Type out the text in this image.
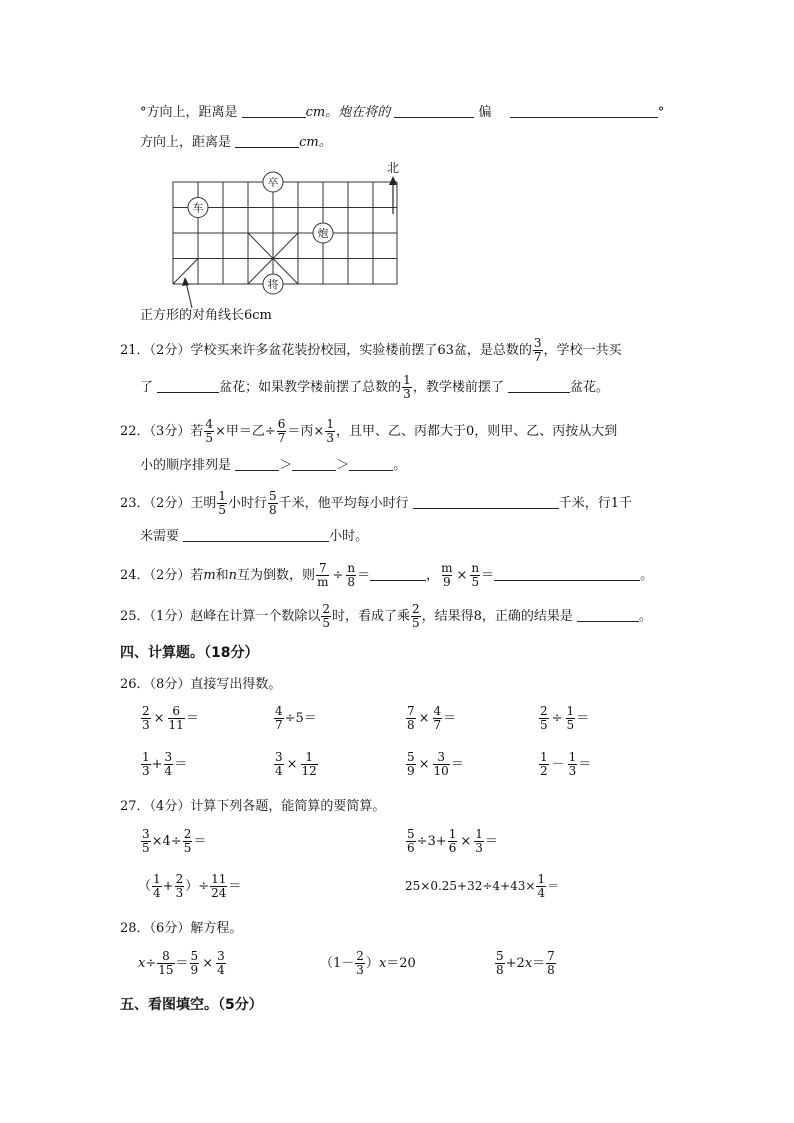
°方向上，距离是	cm。炮在将的	偏	°
方向上，距离是	cm。
卒
车
炮
将
北
正方形的对角线长6cm
21．（2分）学校买来许多盆花装扮校园，实验楼前摆了63盆，是总数的 $\frac{3}{7}$ ，学校一共买
了	盆花；如果教学楼前摆了总数的 $\frac{1}{3}$ ，教学楼前摆了	盆花。
22．（3分）若 $\frac{4}{5}$ ×甲＝乙÷ $\frac{6}{7}$ ＝丙× $\frac{1}{3}$ ，且甲、乙、丙都大于0，则甲、乙、丙按从大到
小的顺序排列是	＞	＞	。
23．（2分）王明 $\frac{1}{5}$ 小时行 $\frac{5}{8}$ 千米，他平均每小时行	千米，行1千
米需要	小时。
24．（2分）若m和n互为倒数，则 $\frac{7}{m} \div \frac{n}{8}$ ＝	， $\frac{m}{9} \times \frac{n}{5}$ ＝	。
25．（1分）赵峰在计算一个数除以 $\frac{2}{5}$ 时，看成了乘 $\frac{2}{5}$ ，结果得8，正确的结果是	。
四、计算题。（18分）
26．（8分）直接写出得数。
$\frac{2}{3} \times \frac{6}{11}$ ＝	$\frac{4}{7} \div 5=$	$\frac{7}{8} \times \frac{4}{7}$ ＝	$\frac{2}{5} \div \frac{1}{5}$ ＝
$\frac{1}{3} + \frac{3}{4}$ ＝	$\frac{3}{4} \times \frac{1}{12}$	$\frac{5}{9} \times \frac{3}{10}$ ＝	$\frac{1}{2} - \frac{1}{3}$ ＝
27．（4分）计算下列各题，能简算的要简算。
$\frac{3}{5} \times 4\div \frac{2}{5}$ ＝	$\frac{5}{6} \div 3+ \frac{1}{6} \times \frac{1}{3}$ ＝
（ $\frac{1}{4} + \frac{2}{3}$ ）÷ $\frac{11}{24}$ ＝	$25\times 0.25+32\div 4+43\times \frac{1}{4}$ ＝
28．（6分）解方程。
$x\div \frac{8}{15} = \frac{5}{9} \times \frac{3}{4}$	$(1- \frac{2}{3} )x=20$	$\frac{5}{8} +2x= \frac{7}{8}$
五、看图填空。（5分）
